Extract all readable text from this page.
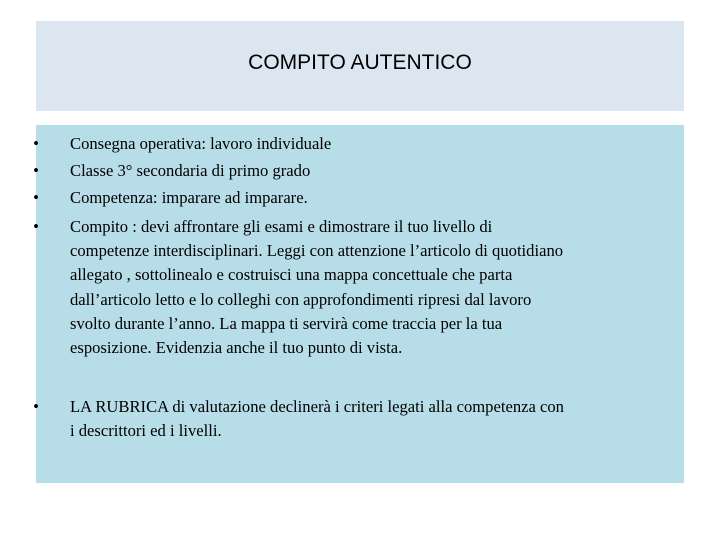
COMPITO AUTENTICO
•	Consegna operativa: lavoro individuale
•	Classe 3° secondaria di primo grado
•	Competenza: imparare ad imparare.
•	Compito : devi affrontare gli esami e dimostrare il tuo livello di
competenze interdisciplinari. Leggi con attenzione l’articolo di quotidiano
allegato , sottolinealo e costruisci una mappa concettuale che parta
dall’articolo letto e lo colleghi con approfondimenti ripresi dal lavoro
svolto durante l’anno. La mappa ti servirà come traccia per la tua
esposizione. Evidenzia anche il tuo punto di vista.
•	LA RUBRICA di valutazione declinerà i criteri legati alla competenza con
i descrittori ed i livelli.
